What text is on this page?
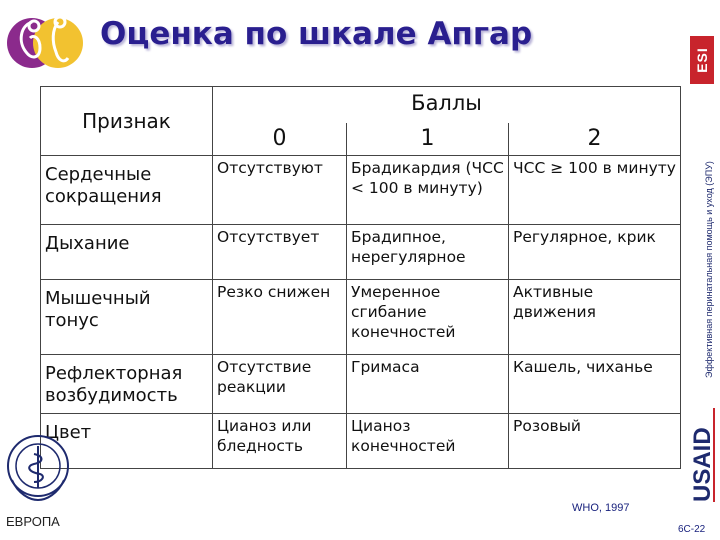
Оценка по шкале Апгар
ESI
Эффективная перинатальная помощь и уход (ЭПУ)
USAID
Признак	Баллы		
	0	1	2
Сердечные сокращения	Отсутствуют	Брадикардия (ЧСС < 100 в минуту)	ЧСС ≥ 100 в минуту
Дыхание	Отсутствует	Брадипное, нерегулярное	Регулярное, крик
Мышечный тонус	Резко снижен	Умеренное сгибание конечностей	Активные движения
Рефлекторная возбудимость	Отсутствие реакции	Гримаса	Кашель, чиханье
Цвет	Цианоз или бледность	Цианоз конечностей	Розовый
ЕВРОПА
WHO, 1997
6C-22
